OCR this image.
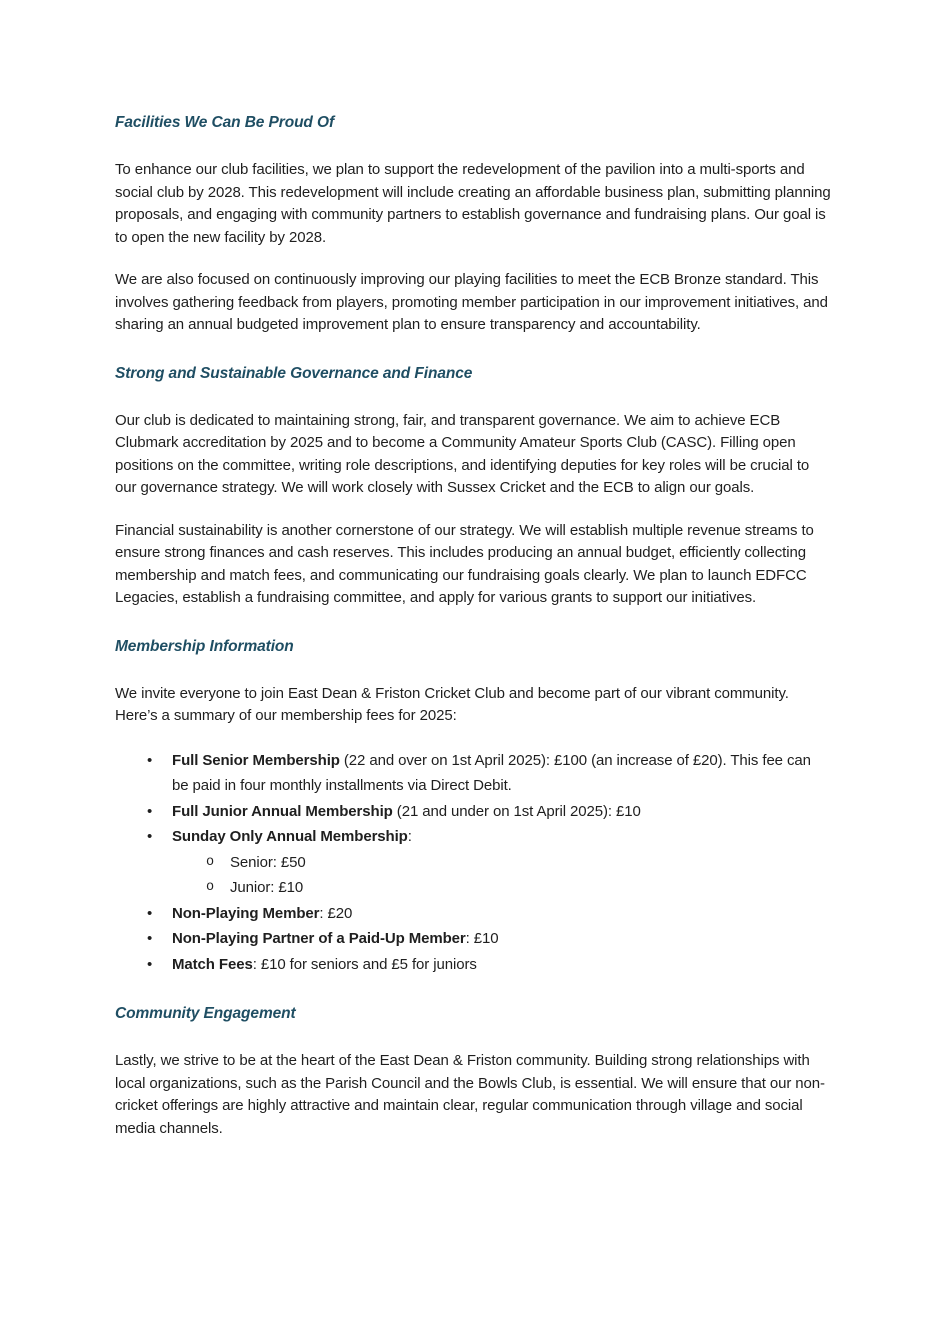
Facilities We Can Be Proud Of

To enhance our club facilities, we plan to support the redevelopment of the pavilion into a multi-sports and social club by 2028. This redevelopment will include creating an affordable business plan, submitting planning proposals, and engaging with community partners to establish governance and fundraising plans. Our goal is to open the new facility by 2028.

We are also focused on continuously improving our playing facilities to meet the ECB Bronze standard. This involves gathering feedback from players, promoting member participation in our improvement initiatives, and sharing an annual budgeted improvement plan to ensure transparency and accountability.

Strong and Sustainable Governance and Finance

Our club is dedicated to maintaining strong, fair, and transparent governance. We aim to achieve ECB Clubmark accreditation by 2025 and to become a Community Amateur Sports Club (CASC). Filling open positions on the committee, writing role descriptions, and identifying deputies for key roles will be crucial to our governance strategy. We will work closely with Sussex Cricket and the ECB to align our goals.

Financial sustainability is another cornerstone of our strategy. We will establish multiple revenue streams to ensure strong finances and cash reserves. This includes producing an annual budget, efficiently collecting membership and match fees, and communicating our fundraising goals clearly. We plan to launch EDFCC Legacies, establish a fundraising committee, and apply for various grants to support our initiatives.

Membership Information

We invite everyone to join East Dean & Friston Cricket Club and become part of our vibrant community. Here’s a summary of our membership fees for 2025:

•	Full Senior Membership (22 and over on 1st April 2025): £100 (an increase of £20). This fee can be paid in four monthly installments via Direct Debit.
•	Full Junior Annual Membership (21 and under on 1st April 2025): £10
•	Sunday Only Annual Membership:
o	Senior: £50
o	Junior: £10
•	Non-Playing Member: £20
•	Non-Playing Partner of a Paid-Up Member: £10
•	Match Fees: £10 for seniors and £5 for juniors
Community Engagement

Lastly, we strive to be at the heart of the East Dean & Friston community. Building strong relationships with local organizations, such as the Parish Council and the Bowls Club, is essential. We will ensure that our non-cricket offerings are highly attractive and maintain clear, regular communication through village and social media channels.
